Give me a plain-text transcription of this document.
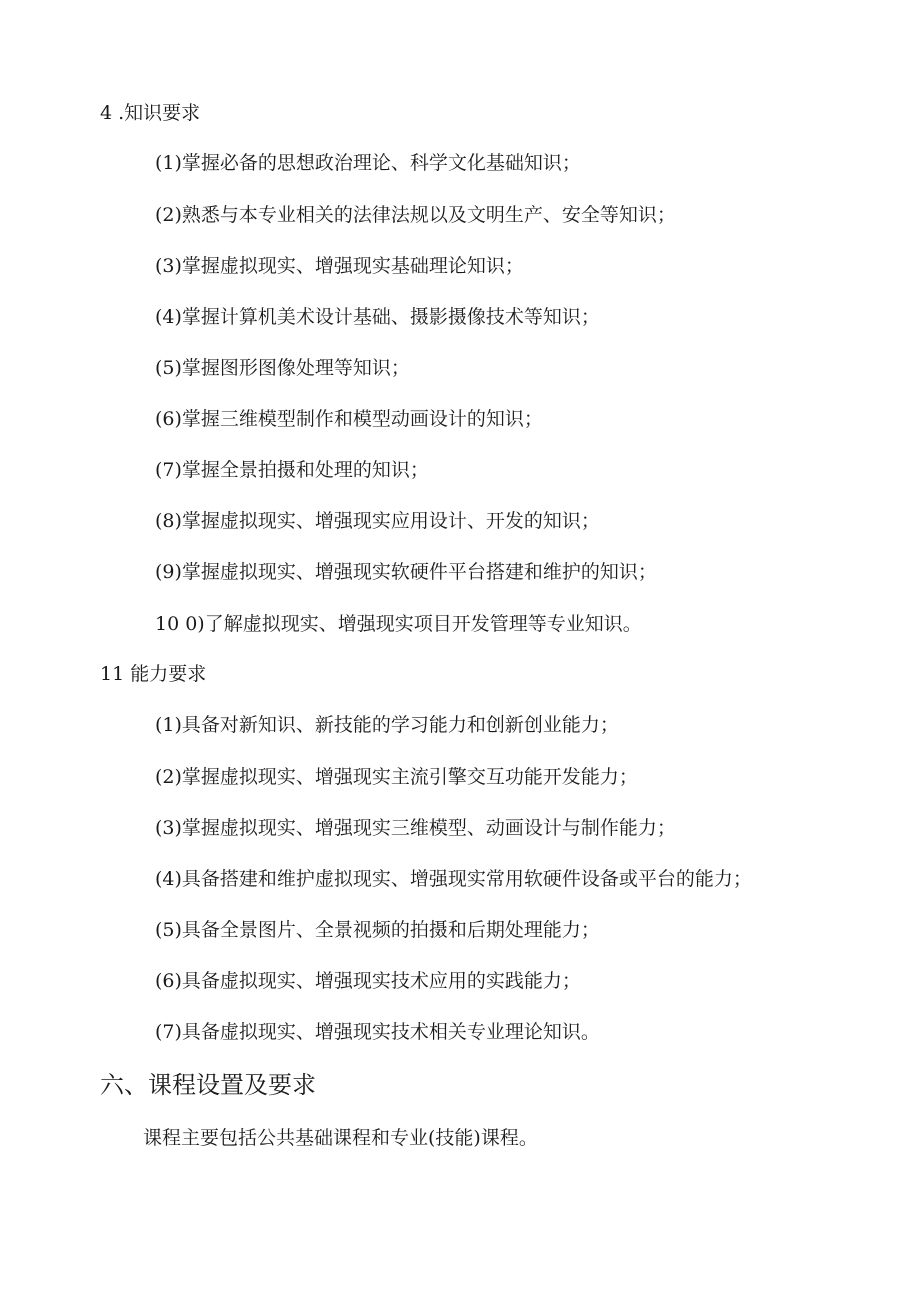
4 .知识要求
(1)掌握必备的思想政治理论、科学文化基础知识；
(2)熟悉与本专业相关的法律法规以及文明生产、安全等知识；
(3)掌握虚拟现实、增强现实基础理论知识；
(4)掌握计算机美术设计基础、摄影摄像技术等知识；
(5)掌握图形图像处理等知识；
(6)掌握三维模型制作和模型动画设计的知识；
(7)掌握全景拍摄和处理的知识；
(8)掌握虚拟现实、增强现实应用设计、开发的知识；
(9)掌握虚拟现实、增强现实软硬件平台搭建和维护的知识；
10 0)了解虚拟现实、增强现实项目开发管理等专业知识。
11 能力要求
(1)具备对新知识、新技能的学习能力和创新创业能力；
(2)掌握虚拟现实、增强现实主流引擎交互功能开发能力；
(3)掌握虚拟现实、增强现实三维模型、动画设计与制作能力；
(4)具备搭建和维护虚拟现实、增强现实常用软硬件设备或平台的能力；
(5)具备全景图片、全景视频的拍摄和后期处理能力；
(6)具备虚拟现实、增强现实技术应用的实践能力；
(7)具备虚拟现实、增强现实技术相关专业理论知识。
六、课程设置及要求
课程主要包括公共基础课程和专业(技能)课程。
